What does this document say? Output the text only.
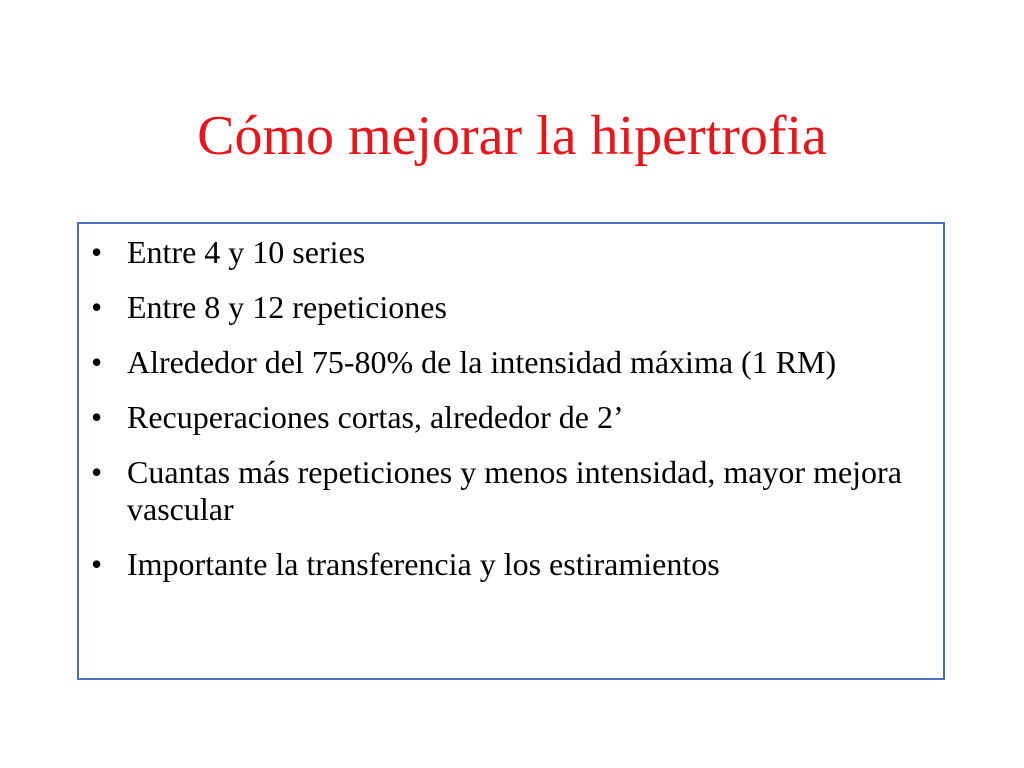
Cómo mejorar la hipertrofia
• Entre 4 y 10 series
• Entre 8 y 12 repeticiones
• Alrededor del 75-80% de la intensidad máxima (1 RM)
• Recuperaciones cortas, alrededor de 2’
• Cuantas más repeticiones y menos intensidad, mayor mejora vascular
• Importante la transferencia y los estiramientos
